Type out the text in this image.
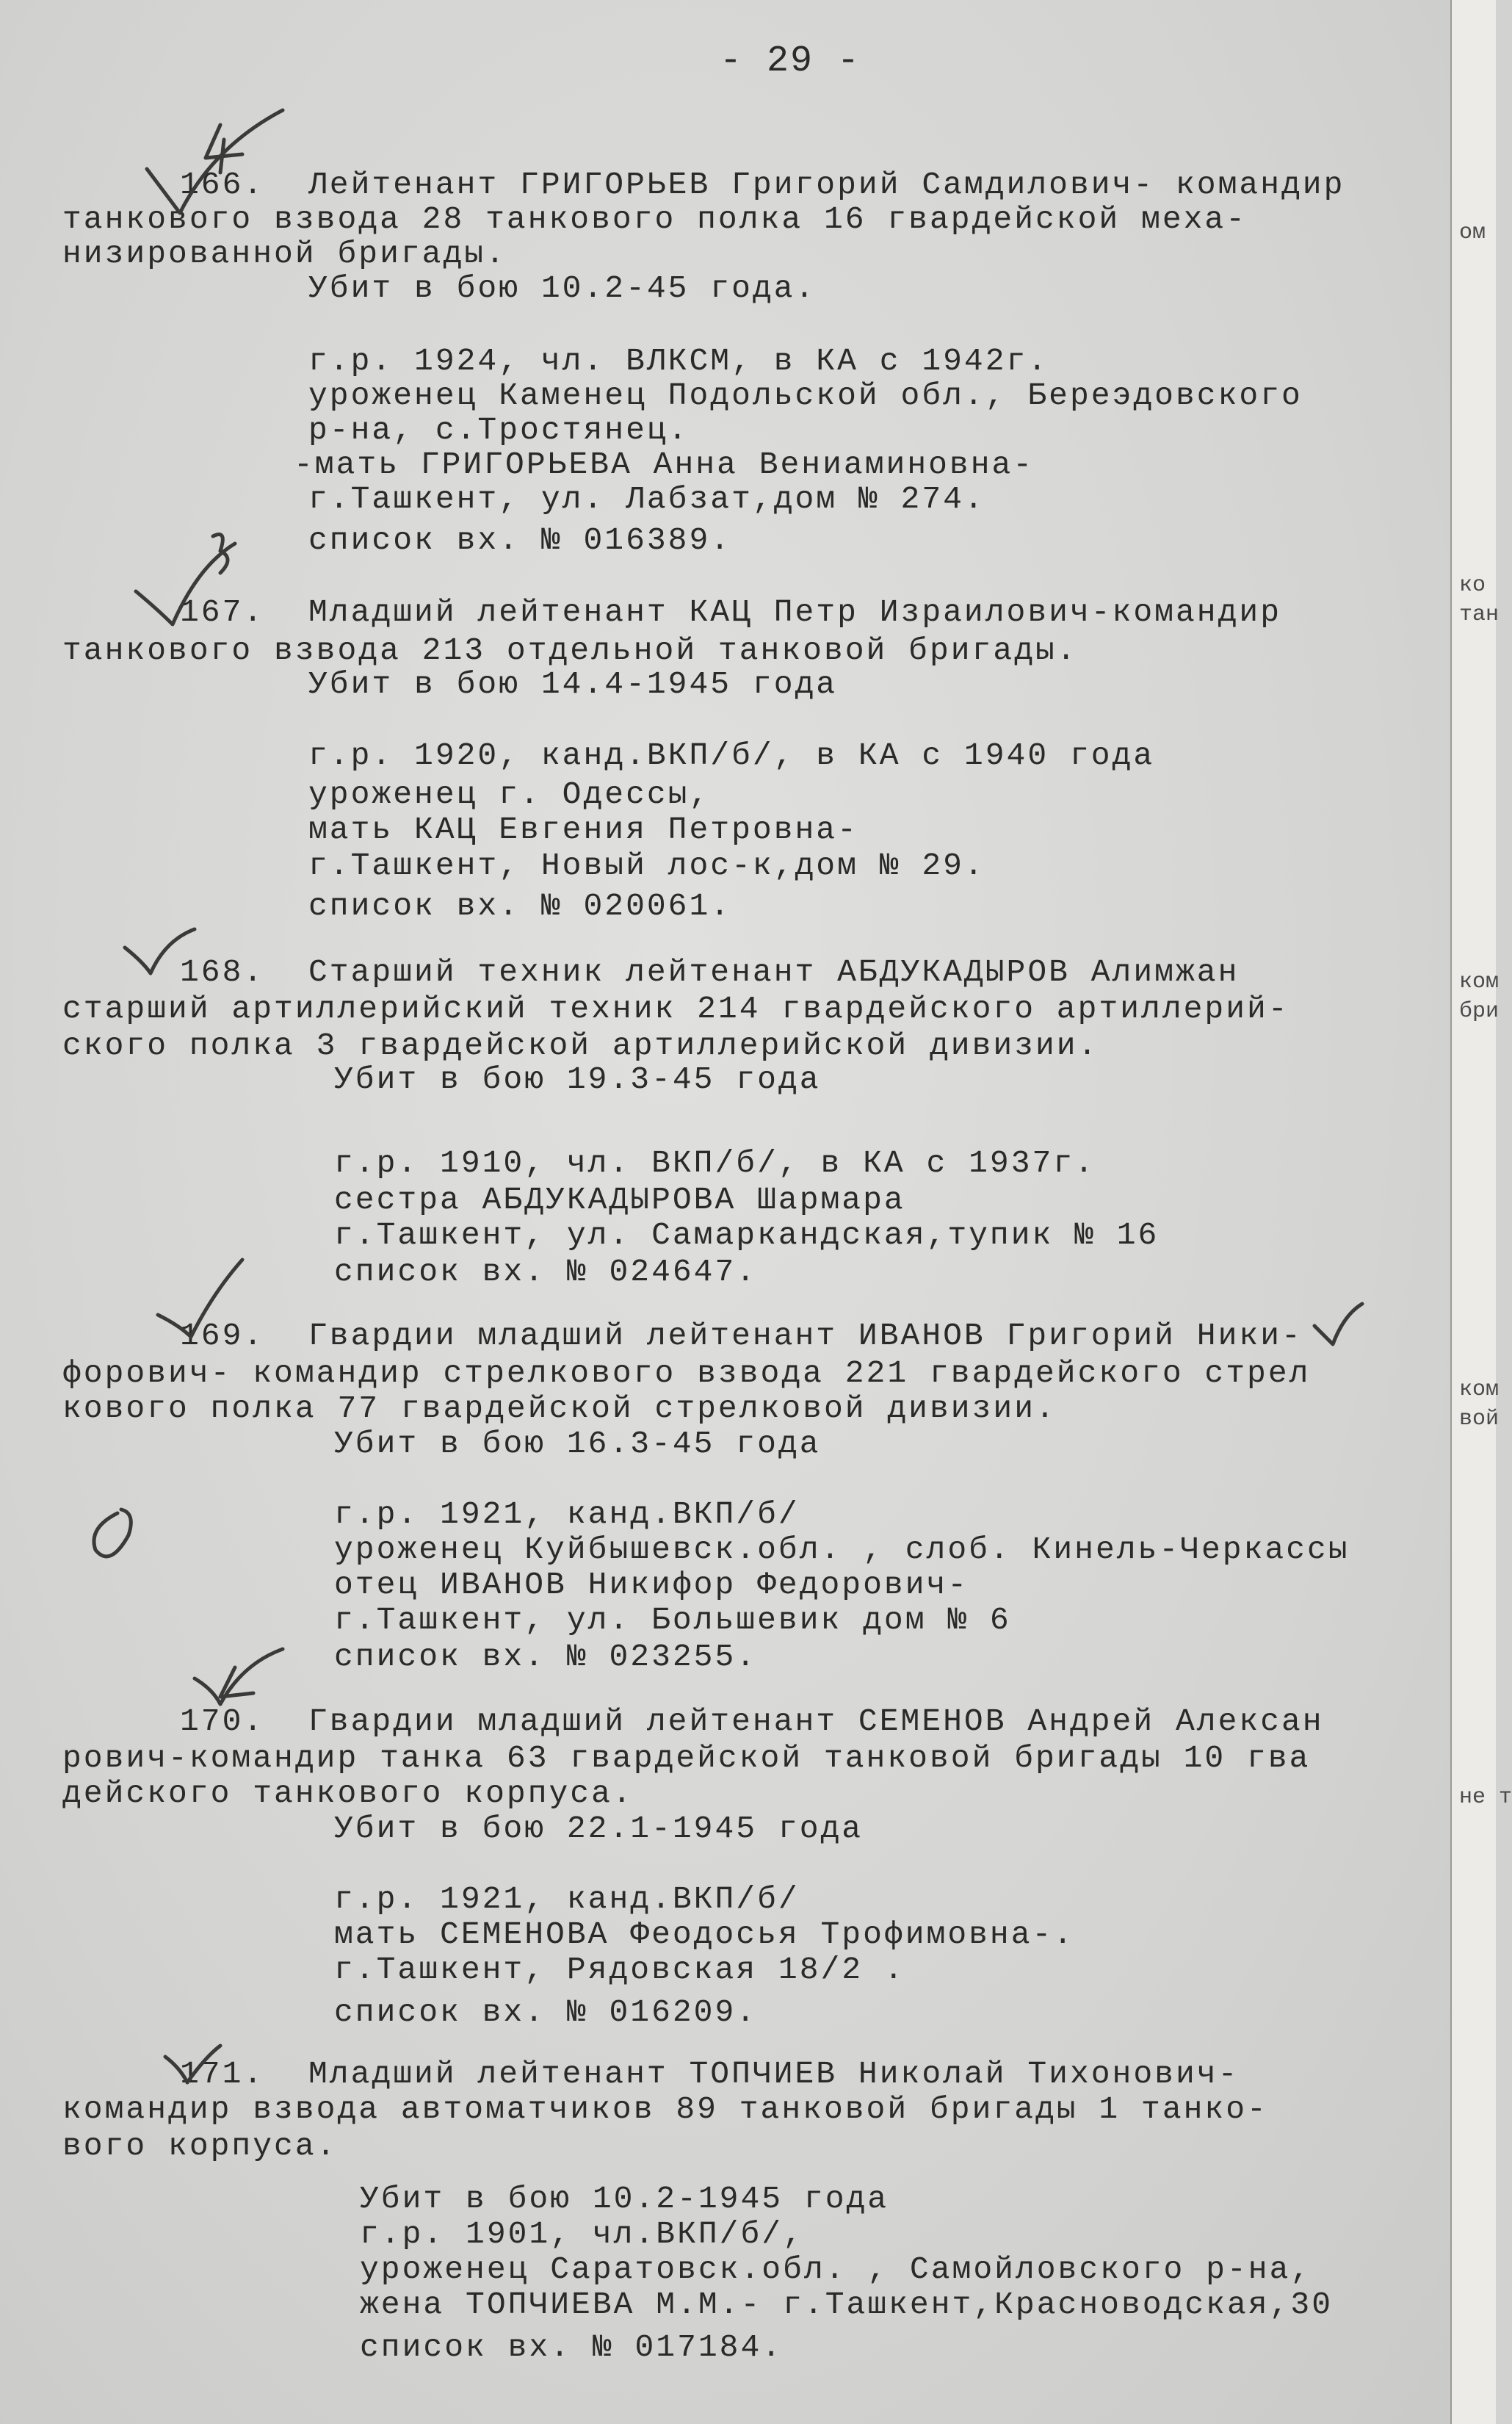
- 29 -
166. Лейтенант ГРИГОРЬЕВ Григорий Самдилович- командир
танкового взвода 28 танкового полка 16 гвардейской меха-
низированной бригады.
Убит в бою 10.2-45 года.
г.р. 1924, чл. ВЛКСМ, в КА с 1942г.
уроженец Каменец Подольской обл., Береэдовского
р-на, с.Тростянец.
-мать ГРИГОРЬЕВА Анна Вениаминовна-
г.Ташкент, ул. Лабзат,дом № 274.
список вх. № 016389.
167. Младший лейтенант КАЦ Петр Израилович-командир
танкового взвода 213 отдельной танковой бригады.
Убит в бою 14.4-1945 года
г.р. 1920, канд.ВКП/б/, в КА с 1940 года
уроженец г. Одессы,
мать КАЦ Евгения Петровна-
г.Ташкент, Новый лос-к,дом № 29.
список вх. № 020061.
168. Старший техник лейтенант АБДУКАДЫРОВ Алимжан
старший артиллерийский техник 214 гвардейского артиллерий-
ского полка 3 гвардейской артиллерийской дивизии.
Убит в бою 19.3-45 года
г.р. 1910, чл. ВКП/б/, в КА с 1937г.
сестра АБДУКАДЫРОВА Шармара
г.Ташкент, ул. Самаркандская,тупик № 16
список вх. № 024647.
169. Гвардии младший лейтенант ИВАНОВ Григорий Ники-
форович- командир стрелкового взвода 221 гвардейского стрел
кового полка 77 гвардейской стрелковой дивизии.
Убит в бою 16.3-45 года
г.р. 1921, канд.ВКП/б/
уроженец Куйбышевск.обл. , слоб. Кинель-Черкассы
отец ИВАНОВ Никифор Федорович-
г.Ташкент, ул. Большевик дом № 6
список вх. № 023255.
170. Гвардии младший лейтенант СЕМЕНОВ Андрей Алексан
рович-командир танка 63 гвардейской танковой бригады 10 гва
дейского танкового корпуса.
Убит в бою 22.1-1945 года
г.р. 1921, канд.ВКП/б/
мать СЕМЕНОВА Феодосья Трофимовна-.
г.Ташкент, Рядовская 18/2 .
список вх. № 016209.
171. Младший лейтенант ТОПЧИЕВ Николай Тихонович-
командир взвода автоматчиков 89 танковой бригады 1 танко-
вого корпуса.
Убит в бою 10.2-1945 года
г.р. 1901, чл.ВКП/б/,
уроженец Саратовск.обл. , Самойловского р-на,
жена ТОПЧИЕВА М.М.- г.Ташкент,Красноводская,30
список вх. № 017184.
ом
ко
тан
ком
бри
ком
вой
не т
